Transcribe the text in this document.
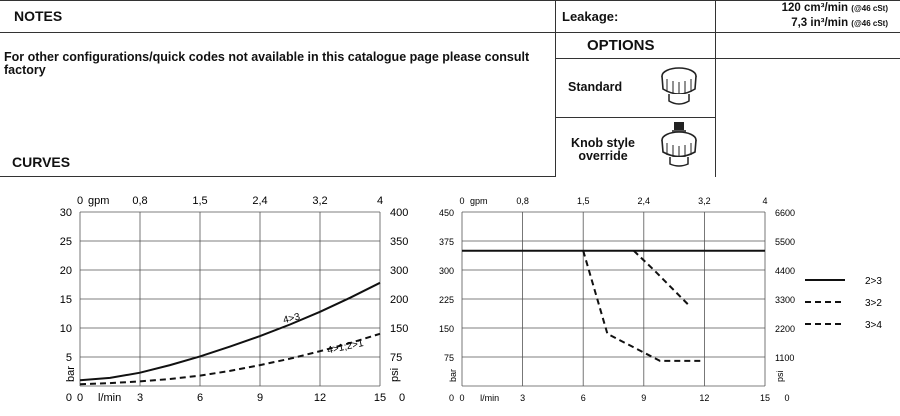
NOTES
For other configurations/quick codes not available in this catalogue page please consult factory
Leakage:
120 cm³/min (@46 cSt)
7,3 in³/min (@46 cSt)
OPTIONS
Standard
Knob style
override
CURVES
0	3	6	9	12	15
0	0,8	1,5	2,4	3,2	4
l/min
gpm
5
10
15
20
25
30
75
150
200
300
350
400
0	0
bar	psi
4>3
4>1;2>1
0	3	6	9	12	15
0	0,8	1,5	2,4	3,2	4
l/min
gpm
75
150
225
300
375
450
1100
2200
3300
4400
5500
6600
0	0
bar	psi
2>3
3>2
3>4
